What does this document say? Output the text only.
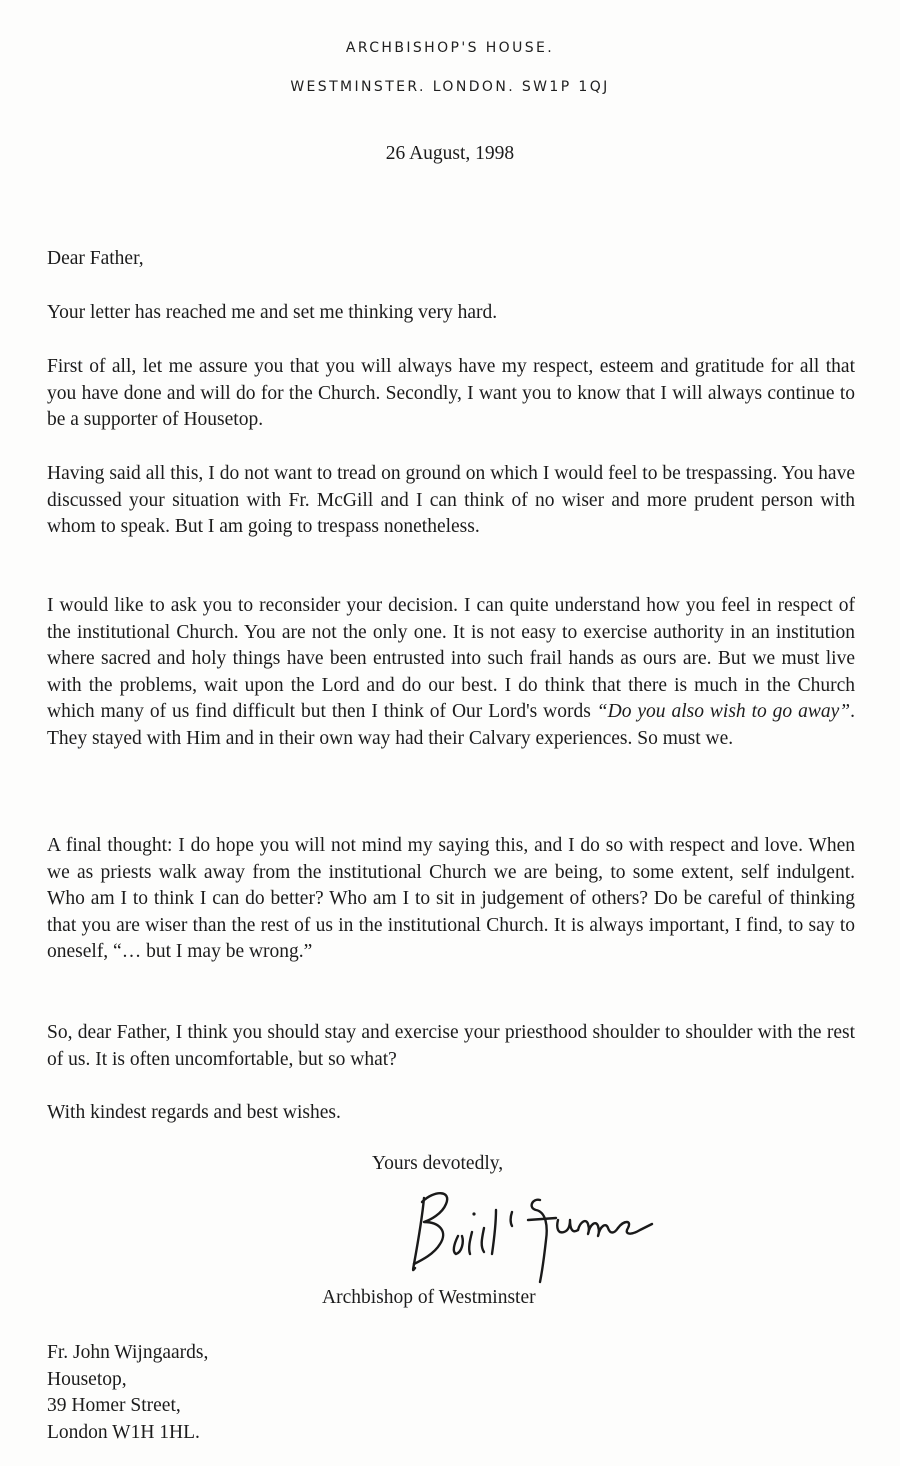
ARCHBISHOP'S HOUSE.
WESTMINSTER. LONDON. SW1P 1QJ
26 August, 1998
Dear Father,

Your letter has reached me and set me thinking very hard.

First of all, let me assure you that you will always have my respect, esteem and gratitude for all that you have done and will do for the Church. Secondly, I want you to know that I will always continue to be a supporter of Housetop.

Having said all this, I do not want to tread on ground on which I would feel to be trespassing. You have discussed your situation with Fr. McGill and I can think of no wiser and more prudent person with whom to speak. But I am going to trespass nonetheless.

I would like to ask you to reconsider your decision. I can quite understand how you feel in respect of the institutional Church. You are not the only one. It is not easy to exercise authority in an institution where sacred and holy things have been entrusted into such frail hands as ours are. But we must live with the problems, wait upon the Lord and do our best. I do think that there is much in the Church which many of us find difficult but then I think of Our Lord's words “Do you also wish to go away”. They stayed with Him and in their own way had their Calvary experiences. So must we.

A final thought: I do hope you will not mind my saying this, and I do so with respect and love. When we as priests walk away from the institutional Church we are being, to some extent, self indulgent. Who am I to think I can do better? Who am I to sit in judgement of others? Do be careful of thinking that you are wiser than the rest of us in the institutional Church. It is always important, I find, to say to oneself, “… but I may be wrong.”

So, dear Father, I think you should stay and exercise your priesthood shoulder to shoulder with the rest of us. It is often uncomfortable, but so what?

With kindest regards and best wishes.
Yours devotedly,
Archbishop of Westminster
Fr. John Wijngaards,
Housetop,
39 Homer Street,
London W1H 1HL.
